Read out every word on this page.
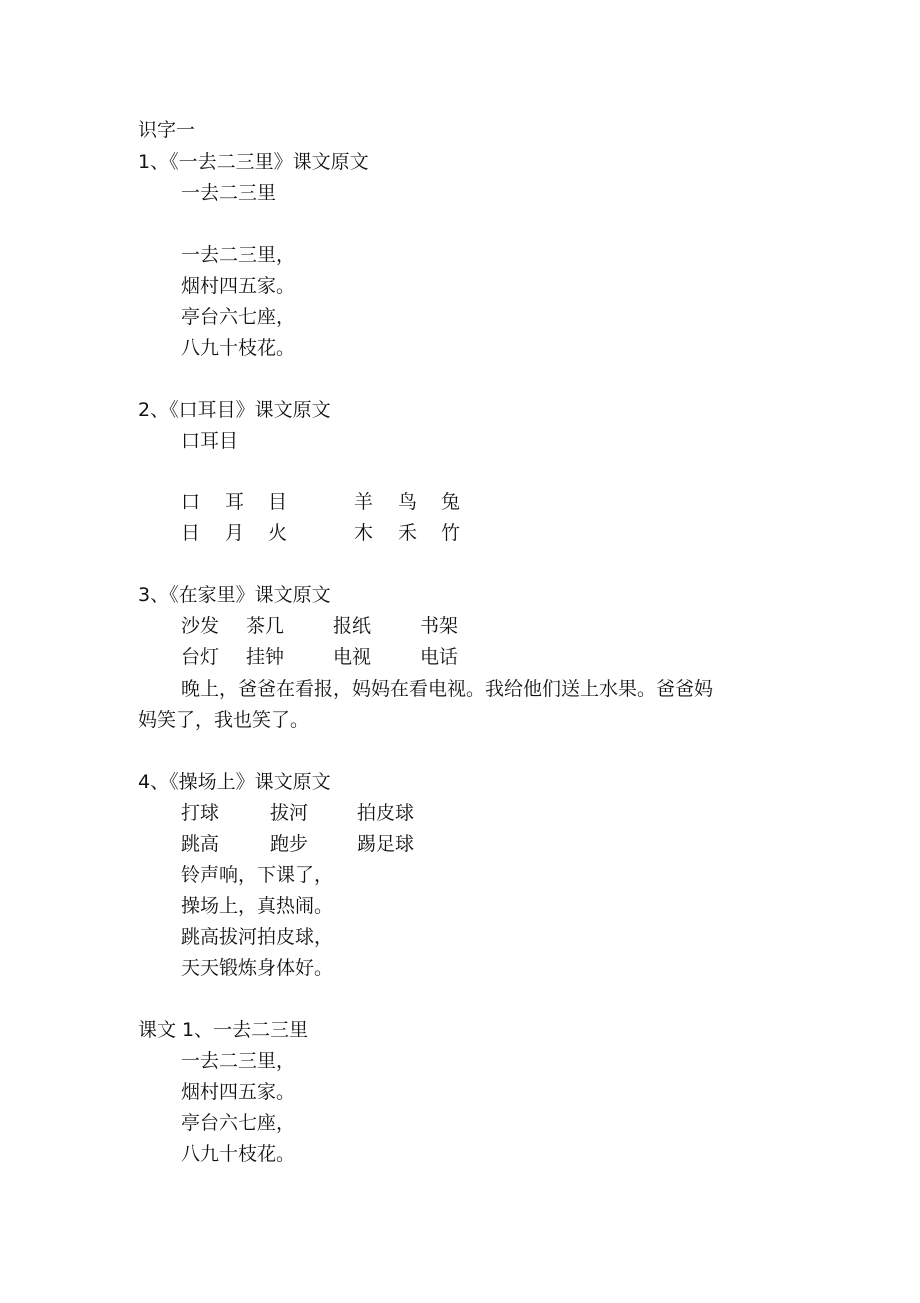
识字一
1、《一去二三里》课文原文
一去二三里
一去二三里，
烟村四五家。
亭台六七座，
八九十枝花。
2、《口耳目》课文原文
口耳目
口 耳 目	羊 鸟 兔
日 月 火	木 禾 竹
3、《在家里》课文原文
沙发 茶几	报纸	书架
台灯 挂钟	电视	电话
晚上，爸爸在看报，妈妈在看电视。我给他们送上水果。爸爸妈
妈笑了，我也笑了。
4、《操场上》课文原文
打球	拔河	拍皮球
跳高	跑步	踢足球
铃声响，下课了，
操场上，真热闹。
跳高拔河拍皮球，
天天锻炼身体好。
课文 1、一去二三里
一去二三里，
烟村四五家。
亭台六七座，
八九十枝花。
